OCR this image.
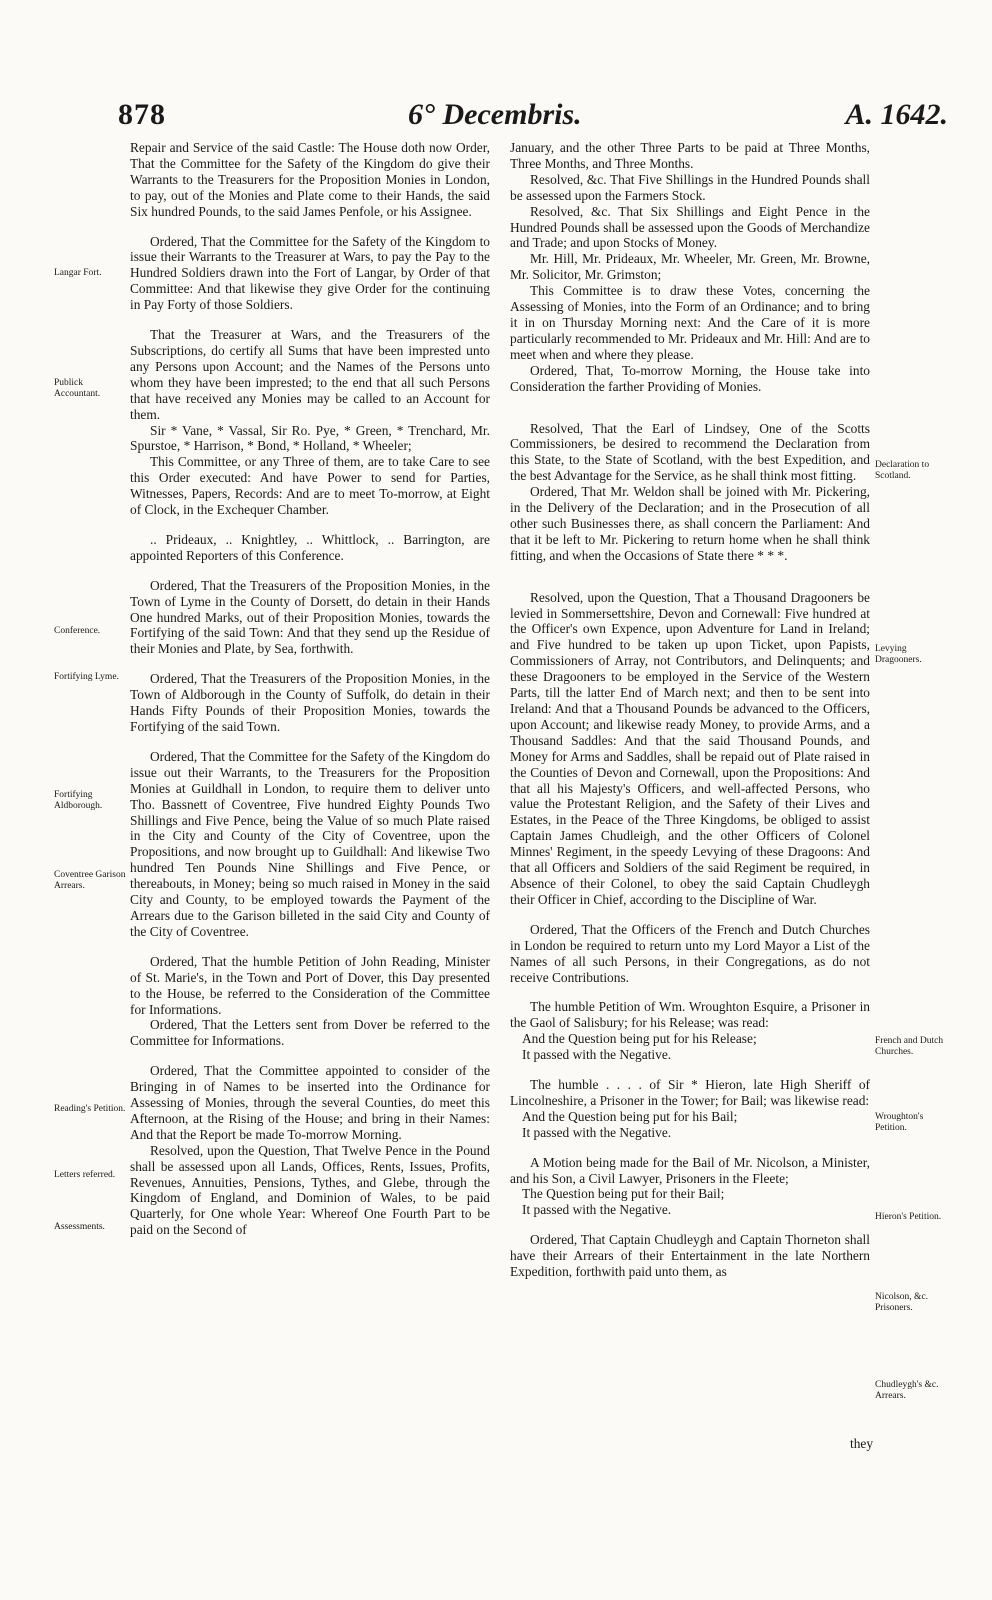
878	6° Decembris.	A. 1642.

Repair and Service of the said Castle: The House doth now Order, That the Committee for the Safety of the Kingdom do give their Warrants to the Treasurers for the Proposition Monies in London, to pay, out of the Monies and Plate come to their Hands, the said Six hundred Pounds, to the said James Penfole, or his Assignee.

Ordered, That the Committee for the Safety of the Kingdom to issue their Warrants to the Treasurer at Wars, to pay the Pay to the Hundred Soldiers drawn into the Fort of Langar, by Order of that Committee: And that likewise they give Order for the continuing in Pay Forty of those Soldiers.

That the Treasurer at Wars, and the Treasurers of the Subscriptions, do certify all Sums that have been imprested unto any Persons upon Account; and the Names of the Persons unto whom they have been imprested; to the end that all such Persons that have received any Monies may be called to an Account for them.

Sir * Vane, * Vassal, Sir Ro. Pye, * Green, * Trenchard, Mr. Spurstoe, * Harrison, * Bond, * Holland, * Wheeler;

This Committee, or any Three of them, are to take Care to see this Order executed: And have Power to send for Parties, Witnesses, Papers, Records: And are to meet To-morrow, at Eight of Clock, in the Exchequer Chamber.

.. Prideaux, .. Knightley, .. Whittlock, .. Barrington, are appointed Reporters of this Conference.

Ordered, That the Treasurers of the Proposition Monies, in the Town of Lyme in the County of Dorsett, do detain in their Hands One hundred Marks, out of their Proposition Monies, towards the Fortifying of the said Town: And that they send up the Residue of their Monies and Plate, by Sea, forthwith.

Ordered, That the Treasurers of the Proposition Monies, in the Town of Aldborough in the County of Suffolk, do detain in their Hands Fifty Pounds of their Proposition Monies, towards the Fortifying of the said Town.

Ordered, That the Committee for the Safety of the Kingdom do issue out their Warrants, to the Treasurers for the Proposition Monies at Guildhall in London, to require them to deliver unto Tho. Bassnett of Coventree, Five hundred Eighty Pounds Two Shillings and Five Pence, being the Value of so much Plate raised in the City and County of the City of Coventree, upon the Propositions, and now brought up to Guildhall: And likewise Two hundred Ten Pounds Nine Shillings and Five Pence, or thereabouts, in Money; being so much raised in Money in the said City and County, to be employed towards the Payment of the Arrears due to the Garison billeted in the said City and County of the City of Coventree.

Ordered, That the humble Petition of John Reading, Minister of St. Marie's, in the Town and Port of Dover, this Day presented to the House, be referred to the Consideration of the Committee for Informations.

Ordered, That the Letters sent from Dover be referred to the Committee for Informations.

Ordered, That the Committee appointed to consider of the Bringing in of Names to be inserted into the Ordinance for Assessing of Monies, through the several Counties, do meet this Afternoon, at the Rising of the House; and bring in their Names: And that the Report be made To-morrow Morning.

Resolved, upon the Question, That Twelve Pence in the Pound shall be assessed upon all Lands, Offices, Rents, Issues, Profits, Revenues, Annuities, Pensions, Tythes, and Glebe, through the Kingdom of England, and Dominion of Wales, to be paid Quarterly, for One whole Year: Whereof One Fourth Part to be paid on the Second of

January, and the other Three Parts to be paid at Three Months, Three Months, and Three Months.

Resolved, &c. That Five Shillings in the Hundred Pounds shall be assessed upon the Farmers Stock.

Resolved, &c. That Six Shillings and Eight Pence in the Hundred Pounds shall be assessed upon the Goods of Merchandize and Trade; and upon Stocks of Money.

Mr. Hill, Mr. Prideaux, Mr. Wheeler, Mr. Green, Mr. Browne, Mr. Solicitor, Mr. Grimston;

This Committee is to draw these Votes, concerning the Assessing of Monies, into the Form of an Ordinance; and to bring it in on Thursday Morning next: And the Care of it is more particularly recommended to Mr. Prideaux and Mr. Hill: And are to meet when and where they please.

Ordered, That, To-morrow Morning, the House take into Consideration the farther Providing of Monies.

Resolved, That the Earl of Lindsey, One of the Scotts Commissioners, be desired to recommend the Declaration from this State, to the State of Scotland, with the best Expedition, and the best Advantage for the Service, as he shall think most fitting.

Ordered, That Mr. Weldon shall be joined with Mr. Pickering, in the Delivery of the Declaration; and in the Prosecution of all other such Businesses there, as shall concern the Parliament: And that it be left to Mr. Pickering to return home when he shall think fitting, and when the Occasions of State there * * *.

Resolved, upon the Question, That a Thousand Dragooners be levied in Sommersettshire, Devon and Cornewall: Five hundred at the Officer's own Expence, upon Adventure for Land in Ireland; and Five hundred to be taken up upon Ticket, upon Papists, Commissioners of Array, not Contributors, and Delinquents; and these Dragooners to be employed in the Service of the Western Parts, till the latter End of March next; and then to be sent into Ireland: And that a Thousand Pounds be advanced to the Officers, upon Account; and likewise ready Money, to provide Arms, and a Thousand Saddles: And that the said Thousand Pounds, and Money for Arms and Saddles, shall be repaid out of Plate raised in the Counties of Devon and Cornewall, upon the Propositions: And that all his Majesty's Officers, and well-affected Persons, who value the Protestant Religion, and the Safety of their Lives and Estates, in the Peace of the Three Kingdoms, be obliged to assist Captain James Chudleigh, and the other Officers of Colonel Minnes' Regiment, in the speedy Levying of these Dragoons: And that all Officers and Soldiers of the said Regiment be required, in Absence of their Colonel, to obey the said Captain Chudleygh their Officer in Chief, according to the Discipline of War.

Ordered, That the Officers of the French and Dutch Churches in London be required to return unto my Lord Mayor a List of the Names of all such Persons, in their Congregations, as do not receive Contributions.

The humble Petition of Wm. Wroughton Esquire, a Prisoner in the Gaol of Salisbury; for his Release; was read:

And the Question being put for his Release;

It passed with the Negative.

The humble . . . . of Sir * Hieron, late High Sheriff of Lincolneshire, a Prisoner in the Tower; for Bail; was likewise read:

And the Question being put for his Bail;

It passed with the Negative.

A Motion being made for the Bail of Mr. Nicolson, a Minister, and his Son, a Civil Lawyer, Prisoners in the Fleete;

The Question being put for their Bail;

It passed with the Negative.

Ordered, That Captain Chudleygh and Captain Thorneton shall have their Arrears of their Entertainment in the late Northern Expedition, forthwith paid unto them, as

they
Langar Fort.
Publick Accountant.
Conference.
Fortifying Lyme.
Fortifying Aldborough.
Coventree Garison Arrears.
Reading's Petition.
Letters referred.
Assessments.
Declaration to Scotland.
Levying Dragooners.
French and Dutch Churches.
Wroughton's Petition.
Hieron's Petition.
Nicolson, &c. Prisoners.
Chudleygh's &c. Arrears.
